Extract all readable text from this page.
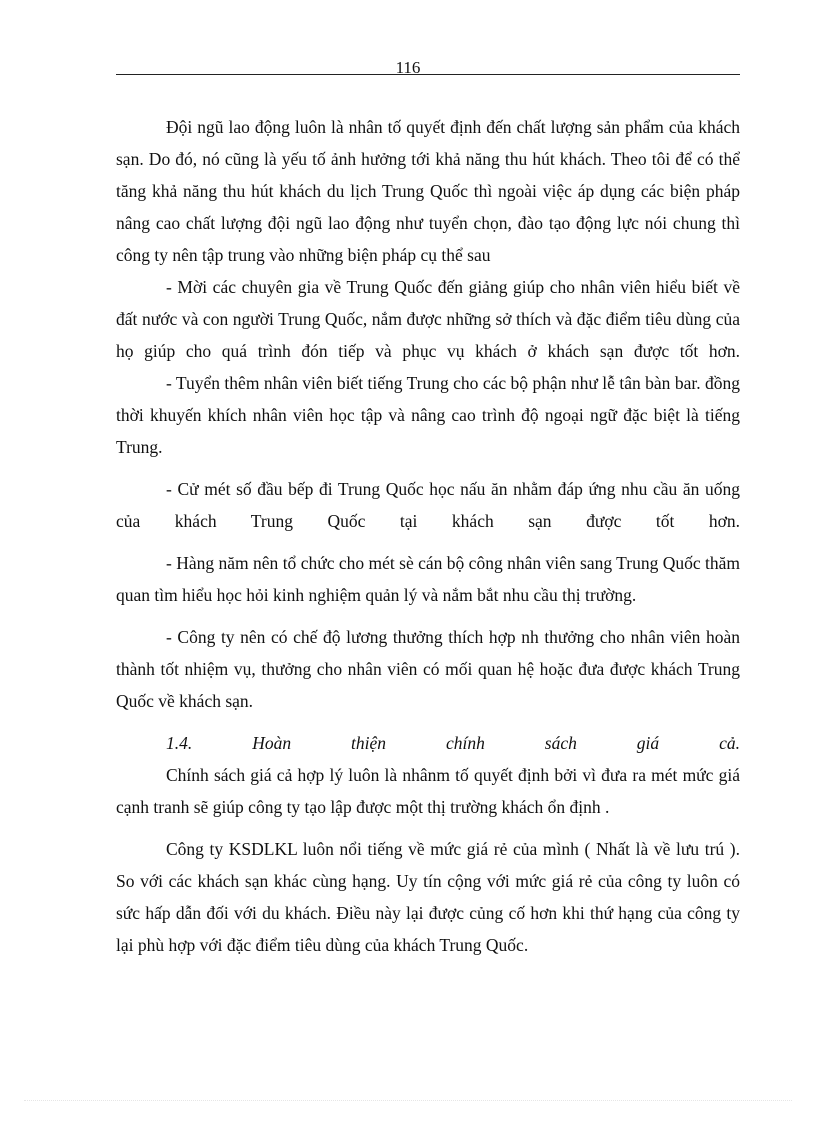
116

Đội ngũ lao động luôn là nhân tố quyết định đến chất lượng sản phẩm của khách sạn. Do đó, nó cũng là yếu tố ảnh hưởng tới khả năng thu hút khách. Theo tôi để có thể tăng khả năng thu hút khách du lịch Trung Quốc thì ngoài việc áp dụng các biện pháp nâng cao chất lượng đội ngũ lao động như tuyển chọn, đào tạo động lực nói chung thì công ty nên tập trung vào những biện pháp cụ thể sau

- Mời các chuyên gia về Trung Quốc đến giảng giúp cho nhân viên hiểu biết về đất nước và con người Trung Quốc, nắm được những sở thích và đặc điểm tiêu dùng của họ giúp cho quá trình đón tiếp và phục vụ khách ở khách sạn được tốt hơn.

- Tuyển thêm nhân viên biết tiếng Trung cho các bộ phận như lễ tân bàn bar. đồng thời khuyến khích nhân viên học tập và nâng cao trình độ ngoại ngữ đặc biệt là tiếng Trung.

- Cử mét số đầu bếp đi Trung Quốc học nấu ăn nhằm đáp ứng nhu cầu ăn uống của khách Trung Quốc tại khách sạn được tốt hơn.

- Hàng năm nên tổ chức cho mét sè cán bộ công nhân viên sang Trung Quốc thăm quan tìm hiểu học hỏi kinh nghiệm quản lý và nắm bắt nhu cầu thị trường.

- Công ty nên có chế độ lương thưởng thích hợp nh thưởng cho nhân viên hoàn thành tốt nhiệm vụ, thưởng cho nhân viên có mối quan hệ hoặc đưa được khách Trung Quốc về khách sạn.

1.4. Hoàn thiện chính sách giá cả.

Chính sách giá cả hợp lý luôn là nhânm tố quyết định bởi vì đưa ra mét mức giá cạnh tranh sẽ giúp công ty tạo lập được một thị trường khách ổn định .

Công ty KSDLKL luôn nổi tiếng về mức giá rẻ của mình ( Nhất là về lưu trú ). So với các khách sạn khác cùng hạng. Uy tín cộng với mức giá rẻ của công ty luôn có sức hấp dẫn đối với du khách. Điều này lại được củng cố hơn khi thứ hạng của công ty lại phù hợp với đặc điểm tiêu dùng của khách Trung Quốc.
